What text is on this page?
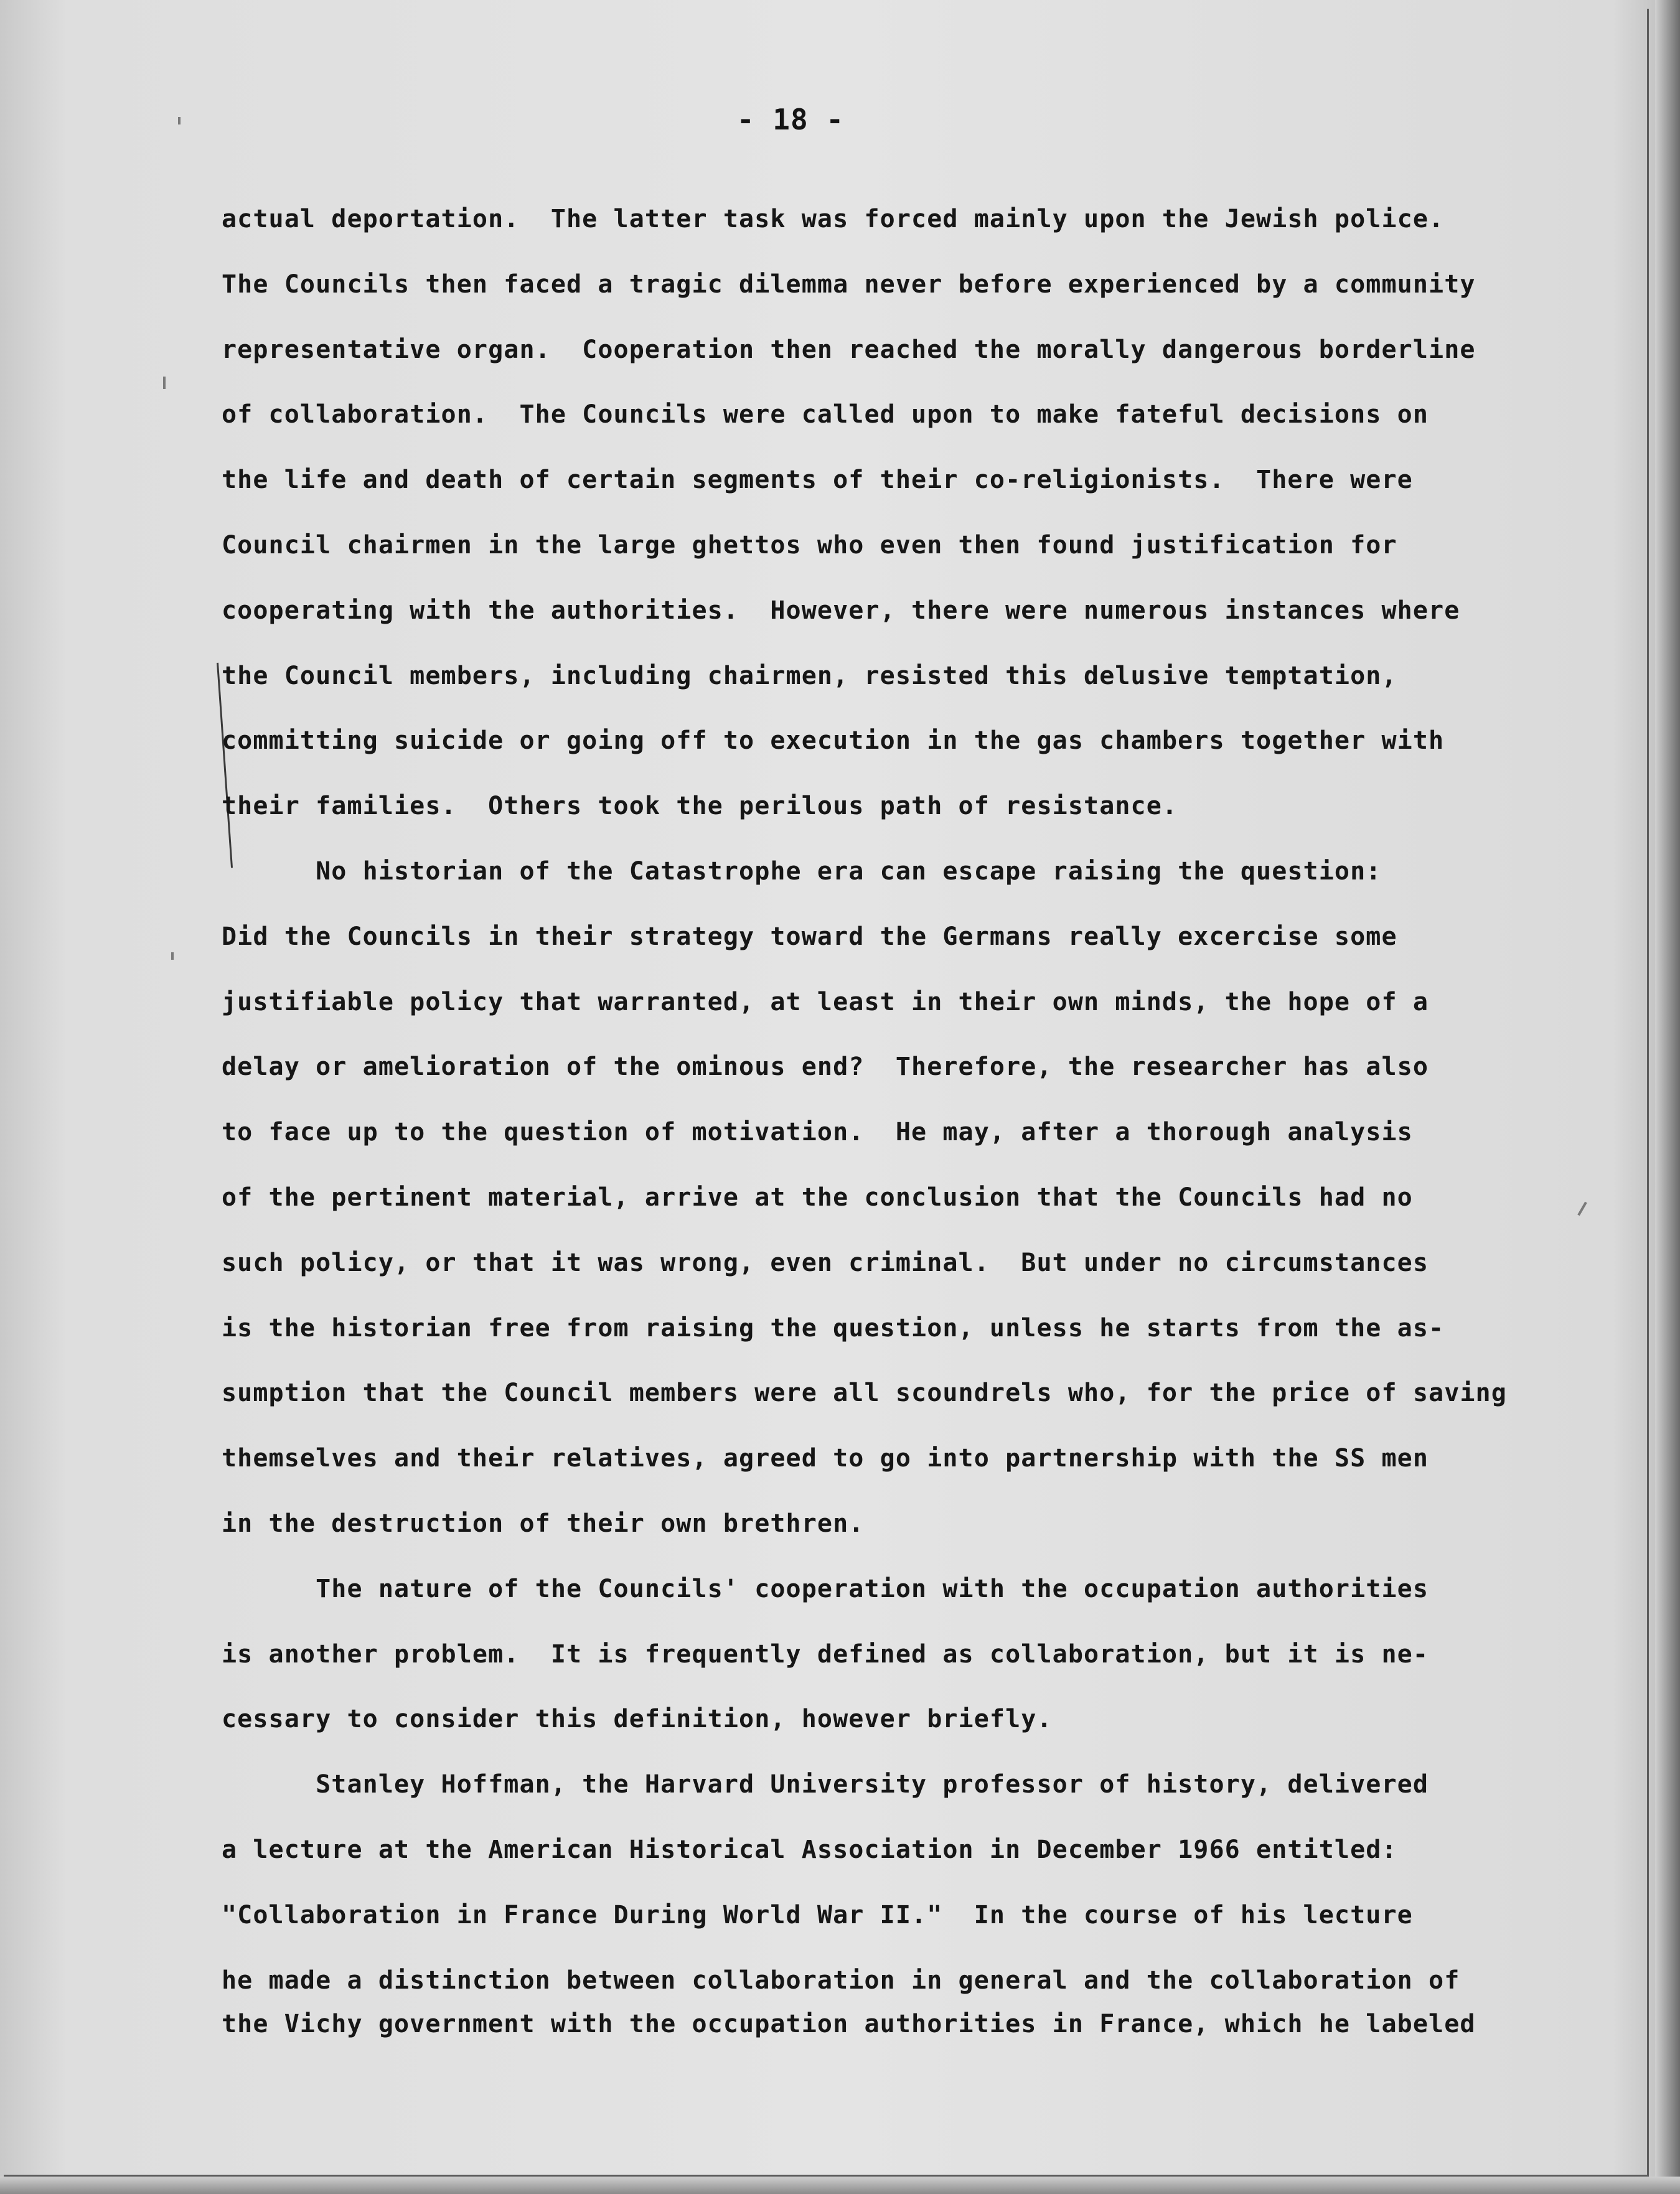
- 18 -
actual deportation.  The latter task was forced mainly upon the Jewish police.
The Councils then faced a tragic dilemma never before experienced by a community
representative organ.  Cooperation then reached the morally dangerous borderline
of collaboration.  The Councils were called upon to make fateful decisions on
the life and death of certain segments of their co-religionists.  There were
Council chairmen in the large ghettos who even then found justification for
cooperating with the authorities.  However, there were numerous instances where
the Council members, including chairmen, resisted this delusive temptation,
committing suicide or going off to execution in the gas chambers together with
their families.  Others took the perilous path of resistance.
No historian of the Catastrophe era can escape raising the question:
Did the Councils in their strategy toward the Germans really excercise some
justifiable policy that warranted, at least in their own minds, the hope of a
delay or amelioration of the ominous end?  Therefore, the researcher has also
to face up to the question of motivation.  He may, after a thorough analysis
of the pertinent material, arrive at the conclusion that the Councils had no
such policy, or that it was wrong, even criminal.  But under no circumstances
is the historian free from raising the question, unless he starts from the as-
sumption that the Council members were all scoundrels who, for the price of saving
themselves and their relatives, agreed to go into partnership with the SS men
in the destruction of their own brethren.
The nature of the Councils' cooperation with the occupation authorities
is another problem.  It is frequently defined as collaboration, but it is ne-
cessary to consider this definition, however briefly.
Stanley Hoffman, the Harvard University professor of history, delivered
a lecture at the American Historical Association in December 1966 entitled:
"Collaboration in France During World War II."  In the course of his lecture
he made a distinction between collaboration in general and the collaboration of
the Vichy government with the occupation authorities in France, which he labeled
